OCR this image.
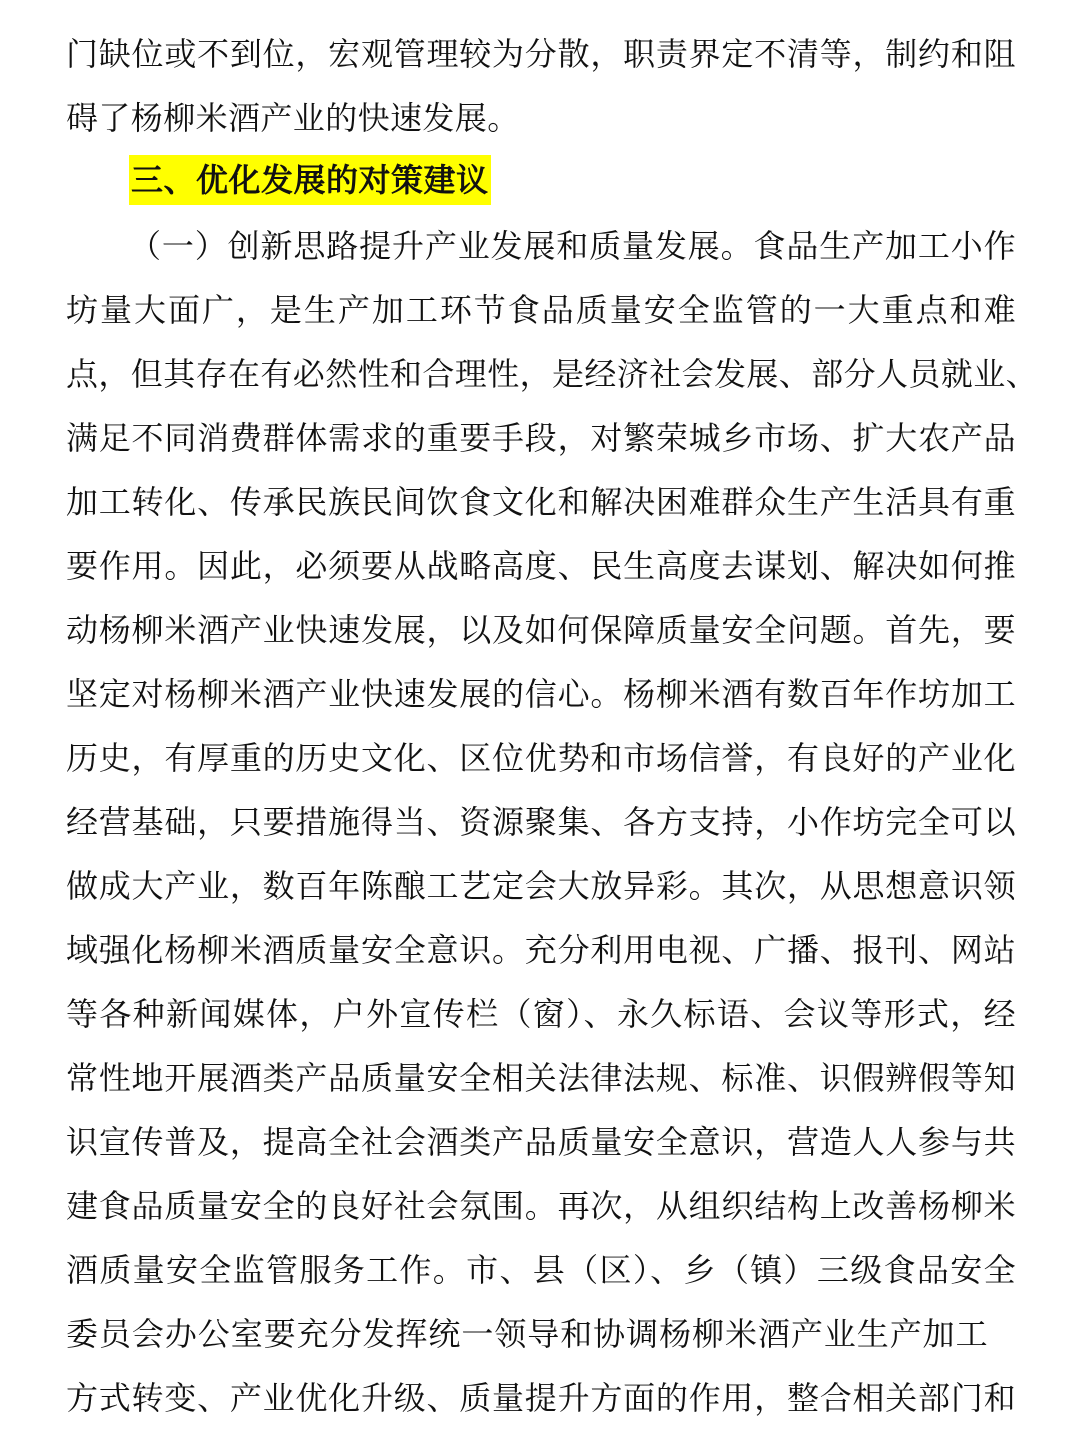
门缺位或不到位，宏观管理较为分散，职责界定不清等，制约和阻
碍了杨柳米酒产业的快速发展。
三、优化发展的对策建议
（一）创新思路提升产业发展和质量发展。食品生产加工小作
坊量大面广，是生产加工环节食品质量安全监管的一大重点和难
点，但其存在有必然性和合理性，是经济社会发展、部分人员就业、
满足不同消费群体需求的重要手段，对繁荣城乡市场、扩大农产品
加工转化、传承民族民间饮食文化和解决困难群众生产生活具有重
要作用。因此，必须要从战略高度、民生高度去谋划、解决如何推
动杨柳米酒产业快速发展，以及如何保障质量安全问题。首先，要
坚定对杨柳米酒产业快速发展的信心。杨柳米酒有数百年作坊加工
历史，有厚重的历史文化、区位优势和市场信誉，有良好的产业化
经营基础，只要措施得当、资源聚集、各方支持，小作坊完全可以
做成大产业，数百年陈酿工艺定会大放异彩。其次，从思想意识领
域强化杨柳米酒质量安全意识。充分利用电视、广播、报刊、网站
等各种新闻媒体，户外宣传栏（窗）、永久标语、会议等形式，经
常性地开展酒类产品质量安全相关法律法规、标准、识假辨假等知
识宣传普及，提高全社会酒类产品质量安全意识，营造人人参与共
建食品质量安全的良好社会氛围。再次，从组织结构上改善杨柳米
酒质量安全监管服务工作。市、县（区）、乡（镇）三级食品安全
委员会办公室要充分发挥统一领导和协调杨柳米酒产业生产加工
方式转变、产业优化升级、质量提升方面的作用，整合相关部门和
